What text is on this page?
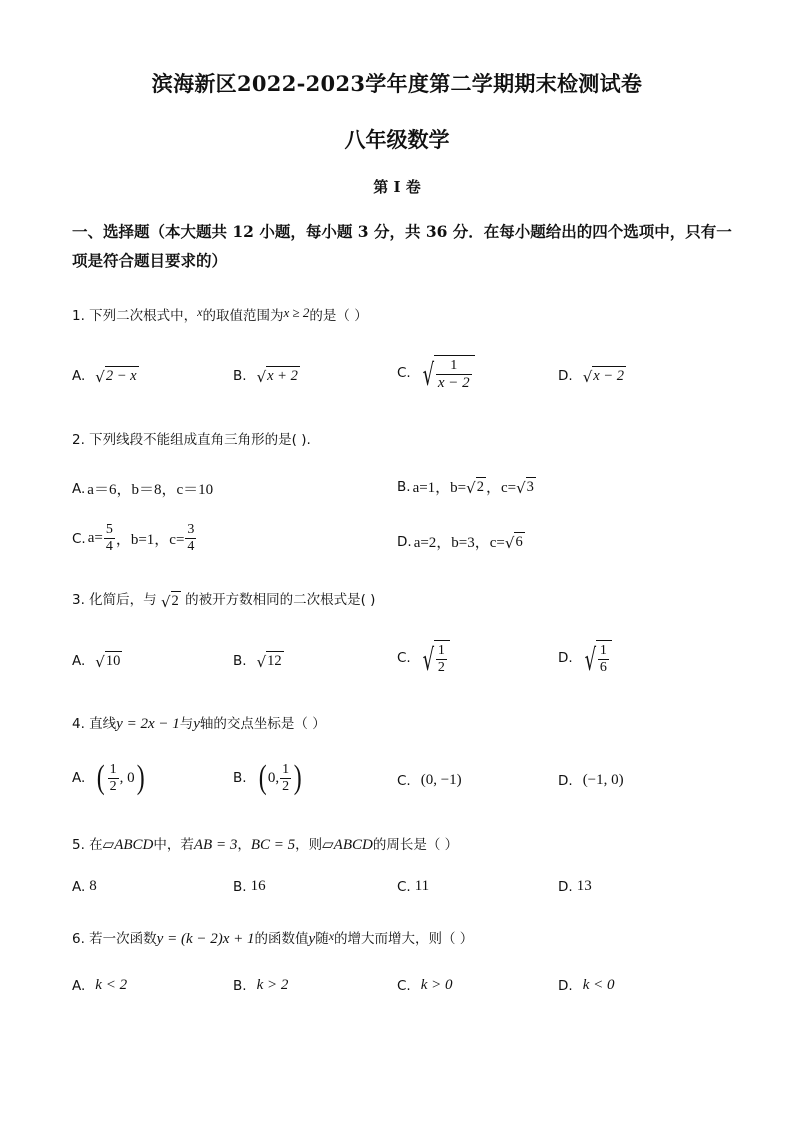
滨海新区2022-2023学年度第二学期期末检测试卷
八年级数学
第 I 卷
一、选择题（本大题共 12 小题，每小题 3 分，共 36 分．在每小题给出的四个选项中，只有一项是符合题目要求的）
1. 下列二次根式中，x的取值范围为x ≥ 2的是（ ）
A. √ 2 − x	B. √ x + 2	C. √ $\frac{1}{x - 2}$	D. √ x − 2
2. 下列线段不能组成直角三角形的是( ).
A. a＝6，b＝8，c＝10	B. a=1，b= √ 2 ，c= √ 3
C. $a= \frac{5}{4}$ ，b=1，$c= \frac{3}{4}$	D. a=2，b=3，c= √ 6
3. 化简后，与 √ 2 的被开方数相同的二次根式是( )
A. √ 10	B. √ 12	C. √ $\frac{1}{2}$	D. √ $\frac{1}{6}$
4. 直线y = 2x − 1与y轴的交点坐标是（ ）
A. ( $\frac{1}{2}$ , 0 )	B. ( 0, $\frac{1}{2}$ )	C. (0, −1)	D. (−1, 0)
5. 在▱ABCD中，若AB = 3，BC = 5，则▱ABCD的周长是（ ）
A. 8	B. 16	C. 11	D. 13
6. 若一次函数y = (k − 2)x + 1的函数值y随x的增大而增大，则（ ）
A. k < 2	B. k > 2	C. k > 0	D. k < 0
